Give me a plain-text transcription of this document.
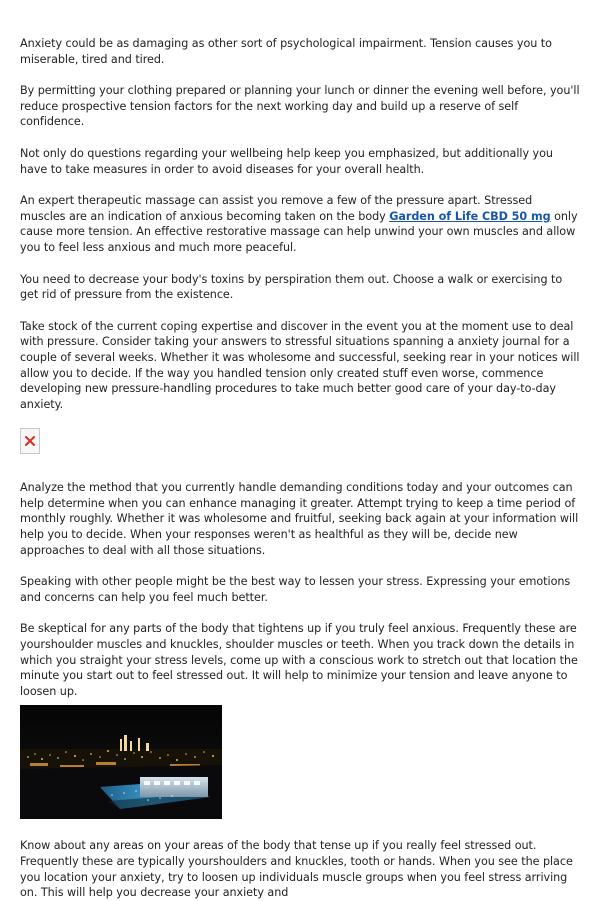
Anxiety could be as damaging as other sort of psychological impairment. Tension causes you to miserable, tired and tired.

By permitting your clothing prepared or planning your lunch or dinner the evening well before, you'll reduce prospective tension factors for the next working day and build up a reserve of self confidence.

Not only do questions regarding your wellbeing help keep you emphasized, but additionally you have to take measures in order to avoid diseases for your overall health.

An expert therapeutic massage can assist you remove a few of the pressure apart. Stressed muscles are an indication of anxious becoming taken on the body Garden of Life CBD 50 mg only cause more tension. An effective restorative massage can help unwind your own muscles and allow you to feel less anxious and much more peaceful.

You need to decrease your body's toxins by perspiration them out. Choose a walk or exercising to get rid of pressure from the existence.

Take stock of the current coping expertise and discover in the event you at the moment use to deal with pressure. Consider taking your answers to stressful situations spanning a anxiety journal for a couple of several weeks. Whether it was wholesome and successful, seeking rear in your notices will allow you to decide. If the way you handled tension only created stuff even worse, commence developing new pressure-handling procedures to take much better good care of your day-to-day anxiety.

Analyze the method that you currently handle demanding conditions today and your outcomes can help determine when you can enhance managing it greater. Attempt trying to keep a time period of monthly roughly. Whether it was wholesome and fruitful, seeking back again at your information will help you to decide. When your responses weren't as healthful as they will be, decide new approaches to deal with all those situations.

Speaking with other people might be the best way to lessen your stress. Expressing your emotions and concerns can help you feel much better.

Be skeptical for any parts of the body that tightens up if you truly feel anxious. Frequently these are yourshoulder muscles and knuckles, shoulder muscles or teeth. When you track down the details in which you straight your stress levels, come up with a conscious work to stretch out that location the minute you start out to feel stressed out. It will help to minimize your tension and leave anyone to loosen up.

Know about any areas on your areas of the body that tense up if you really feel stressed out. Frequently these are typically yourshoulders and knuckles, tooth or hands. When you see the place you location your anxiety, try to loosen up individuals muscle groups when you feel stress arriving on. This will help you decrease your anxiety and
